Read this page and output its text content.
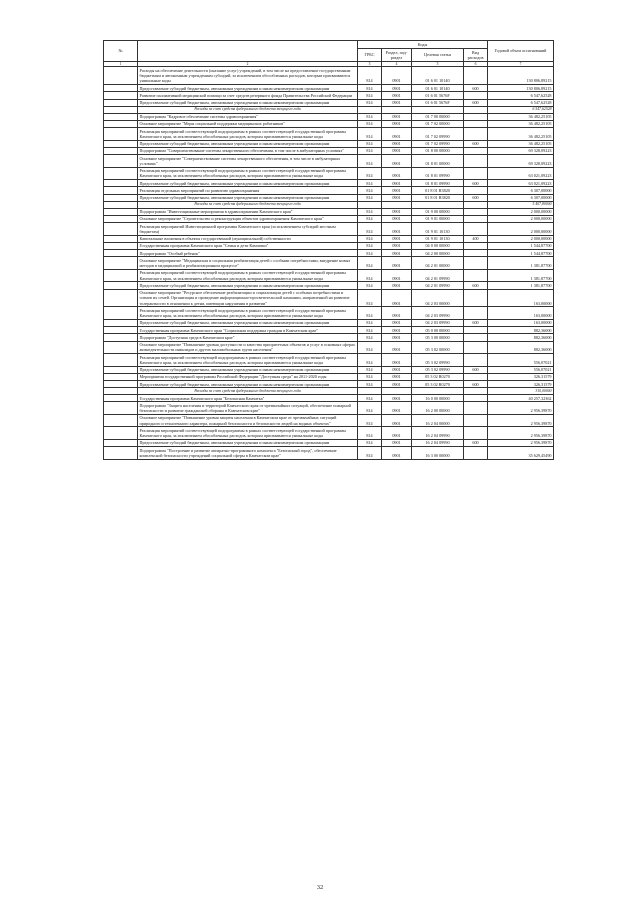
№		Коды				Годовой объем ассигнований
		ГРБС	Раздел, под-раздел	Целевая статья	Вид расходов	
1	2	3	4	5	6	7
	Расходы на обеспечение деятельности (оказание услуг) учреждений, в том числе на предоставление государственным бюджетным и автономным учреждениям субсидий, за исключением обособленных расходов, которым присваиваются уникальные коды	814	0901	01 6 01 10140		130 806,89215
	Предоставление субсидий бюджетным, автономным учреждениям и иным некоммерческим организациям	814	0901	01 6 01 10140	600	130 806,89215
	Развитие паллиативной медицинской помощи за счет средств резервного фонда Правительства Российской Федерации	814	0901	01 6 01 5676F		6 547,62528
	Предоставление субсидий бюджетным, автономным учреждениям и иным некоммерческим организациям	814	0901	01 6 01 5676F	600	6 547,62528
	Расходы за счет средств федерального бюджета текущего года					6 547,62528
	Подпрограмма "Кадровое обеспечение системы здравоохранения"	814	0901	01 7 00 00000		36 482,25105
	Основное мероприятие "Меры социальной поддержки медицинских работников"	814	0901	01 7 02 00000		36 482,25105
	Реализация мероприятий соответствующей подпрограммы в рамках соответствующей государственной программы Камчатского края, за исключением обособленных расходов, которым присваиваются уникальные коды	814	0901	01 7 02 09990		36 482,25105
	Предоставление субсидий бюджетным, автономным учреждениям и иным некоммерческим организациям	814	0901	01 7 02 09990	600	36 482,25105
	Подпрограмма "Совершенствование системы лекарственного обеспечения, в том числе в амбулаторных условиях"	814	0901	01 8 00 00000		69 328,09223
	Основное мероприятие "Совершенствование системы лекарственного обеспечения, в том числе в амбулаторных условиях"	814	0901	01 8 01 00000		69 328,09223
	Реализация мероприятий соответствующей подпрограммы в рамках соответствующей государственной программы Камчатского края, за исключением обособленных расходов, которым присваиваются уникальные коды	814	0901	01 8 01 09990		63 021,09223
	Предоставление субсидий бюджетным, автономным учреждениям и иным некоммерческим организациям	814	0901	01 8 01 09990	600	63 021,09223
	Реализация отдельных мероприятий по развитию здравоохранения	814	0901	01 8 01 R3820		6 307,00000
	Предоставление субсидий бюджетным, автономным учреждениям и иным некоммерческим организациям	814	0901	01 8 01 R3820	600	6 307,00000
	Расходы за счет средств федерального бюджета текущего года					5 407,80000
	Подпрограмма "Инвестиционные мероприятия в здравоохранении Камчатского края"	814	0901	01 9 00 00000		2 000,00000
	Основное мероприятие "Строительство и реконструкция объектов здравоохранения Камчатского края"	814	0901	01 9 01 00000		2 000,00000
	Реализация мероприятий Инвестиционной программы Камчатского края (за исключением субсидий местным бюджетам)	814	0901	01 9 01 10130		2 000,00000
	Капитальные вложения в объекты государственной (муниципальной) собственности	814	0901	01 9 01 10130	400	2 000,00000
	Государственная программа Камчатского края "Семья и дети Камчатки"	814	0901	04 0 00 00000		1 544,87700
	Подпрограмма "Особый ребенок"	814	0901	04 2 00 00000		1 544,87700
	Основное мероприятие "Медицинская и социальная реабилитация детей с особыми потребностями, внедрение новых методов в медицинской и реабилитационном процессе"	814	0901	04 2 01 00000		1 381,87700
	Реализация мероприятий соответствующей подпрограммы в рамках соответствующей государственной программы Камчатского края, за исключением обособленных расходов, которым присваиваются уникальные коды	814	0901	04 2 01 09990		1 381,87700
	Предоставление субсидий бюджетным, автономным учреждениям и иным некоммерческим организациям	814	0901	04 2 01 09990	600	1 381,87700
	Основное мероприятие "Ресурсное обеспечение реабилитации и социализации детей с особыми потребностями и членов их семей. Организация и проведение информационно-просветительской кампании, направленной на развитие толерантности в отношении к детям, имеющим нарушения в развитии"	814	0901	04 2 03 00000		163,00000
	Реализация мероприятий соответствующей подпрограммы в рамках соответствующей государственной программы Камчатского края, за исключением обособленных расходов, которым присваиваются уникальные коды	814	0901	04 2 03 09990		163,00000
	Предоставление субсидий бюджетным, автономным учреждениям и иным некоммерческим организациям	814	0901	04 2 03 09990	600	163,00000
	Государственная программа Камчатского края "Социальная поддержка граждан в Камчатском крае"	814	0901	05 0 00 00000		882,36000
	Подпрограмма "Доступная среда в Камчатском крае"	814	0901	05 3 00 00000		882,36000
	Основное мероприятие "Повышение уровня доступности и качества приоритетных объектов и услуг в основных сферах жизнедеятельности инвалидов и других маломобильных групп населения"	814	0901	05 3 02 00000		882,36000
	Реализация мероприятий соответствующей подпрограммы в рамках соответствующей государственной программы Камчатского края, за исключением обособленных расходов, которым присваиваются уникальные коды	814	0901	05 3 02 09990		556,07021
	Предоставление субсидий бюджетным, автономным учреждениям и иным некоммерческим организациям	814	0901	05 3 02 09990	600	556,07021
	Мероприятия государственной программы Российской Федерации "Доступная среда" на 2011-2020 годы	814	0901	05 3 02 R0270		326,31579
	Предоставление субсидий бюджетным, автономным учреждениям и иным некоммерческим организациям	814	0901	05 3 02 R0270	600	326,31579
	Расходы за счет средств федерального бюджета текущего года					310,00000
	Государственная программа Камчатского края "Безопасная Камчатка"	814	0901	16 0 00 00000		40 257,32362
	Подпрограмма "Защита населения и территорий Камчатского края от чрезвычайных ситуаций, обеспечение пожарной безопасности и развитие гражданской обороны в Камчатском крае"	814	0901	16 2 00 00000		2 956,39870
	Основное мероприятие "Повышение уровня защиты населения в Камчатском крае от чрезвычайных ситуаций природного и техногенного характера, пожарной безопасности и безопасности людей на водных объектах"	814	0901	16 2 04 00000		2 956,39870
	Реализация мероприятий соответствующей подпрограммы в рамках соответствующей государственной программы Камчатского края, за исключением обособленных расходов, которым присваиваются уникальные коды	814	0901	16 2 04 09990		2 956,39870
	Предоставление субсидий бюджетным, автономным учреждениям и иным некоммерческим организациям	814	0901	16 2 04 09990	600	2 956,39870
	Подпрограмма "Построение и развитие аппаратно-программного комплекса "Безопасный город", обеспечение комплексной безопасности учреждений социальной сферы в Камчатском крае"	814	0901	16 3 00 00000		35 629,45490
32
